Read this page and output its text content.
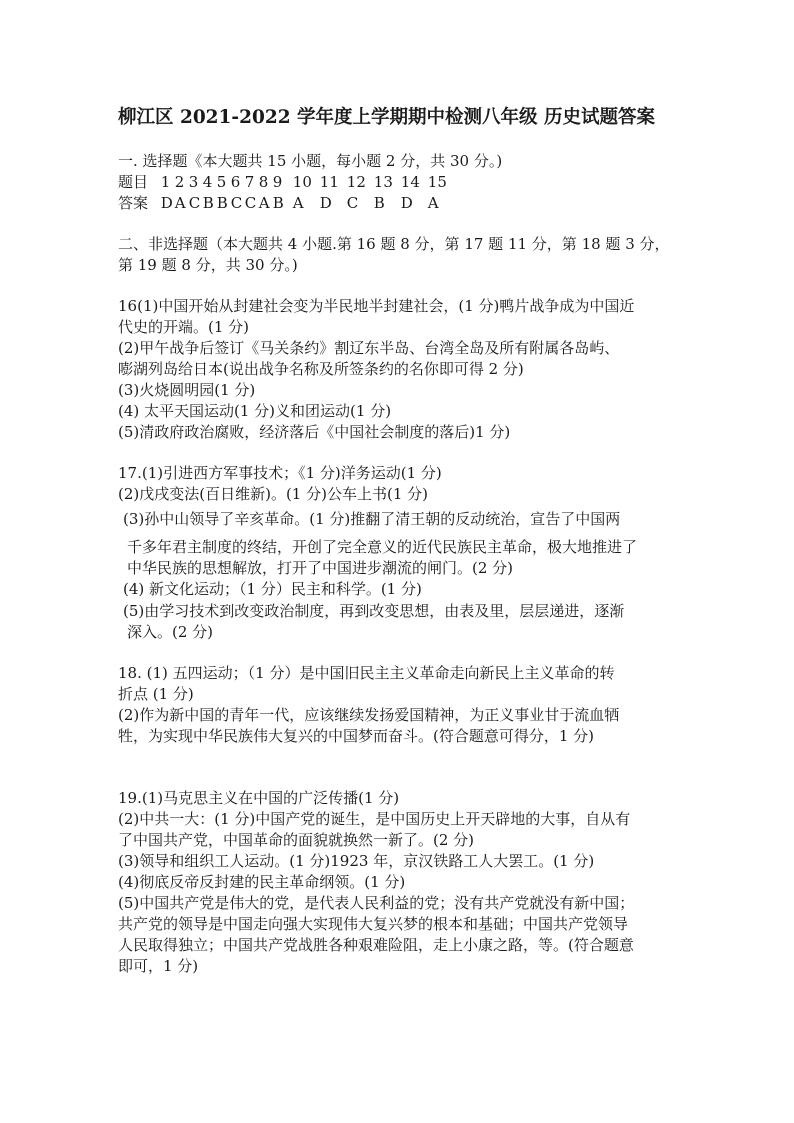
柳江区 2021-2022 学年度上学期期中检测八年级 历史试题答案
一. 选择题《本大题共 15 小题，每小题 2 分，共 30 分。)
题目 1 2 3 4 5 6 7 8 9 10 11 12 13 14 15
答案 D A C B B C C A B A D C B D A
二、非选择题（本大题共 4 小题.第 16 题 8 分，第 17 题 11 分，第 18 题 3 分，
第 19 题 8 分，共 30 分。)
16(1)中国开始从封建社会变为半民地半封建社会，(1 分)鸭片战争成为中国近
代史的开端。(1 分)
(2)甲午战争后签订《马关条约》割辽东半岛、台湾全岛及所有附属各岛屿、
嘭湖列岛给日本(说出战争名称及所签条约的名你即可得 2 分)
(3)火烧圆明园(1 分)
(4) 太平天国运动(1 分)义和团运动(1 分)
(5)清政府政治腐败，经济落后《中国社会制度的落后)1 分)
17.(1)引进西方军事技术；《1 分)洋务运动(1 分)
(2)戊戌变法(百日维新)。(1 分)公车上书(1 分)
(3)孙中山领导了辛亥革命。(1 分)推翻了清王朝的反动统治，宣告了中国两
千多年君主制度的终结，开创了完全意义的近代民族民主革命，极大地推进了
中华民族的思想解放，打开了中国进步潮流的闸门。(2 分)
(4) 新文化运动；（1 分）民主和科学。(1 分)
(5)由学习技术到改变政治制度，再到改变思想，由表及里，层层递进，逐渐
深入。(2 分)
18. (1) 五四运动；（1 分）是中国旧民主主义革命走向新民上主义革命的转
折点 (1 分)
(2)作为新中国的青年一代，应该继续发扬爱国精神，为正义事业甘于流血牺
牲，为实现中华民族伟大复兴的中国梦而奋斗。(符合题意可得分，1 分)
19.(1)马克思主义在中国的广泛传播(1 分)
(2)中共一大：(1 分)中国产党的诞生，是中国历史上开天辟地的大事，自从有
了中国共产党，中国革命的面貌就换然一新了。(2 分)
(3)领导和组织工人运动。(1 分)1923 年，京汉铁路工人大罢工。(1 分)
(4)彻底反帝反封建的民主革命纲领。(1 分)
(5)中国共产党是伟大的党，是代表人民利益的党；没有共产党就没有新中国；
共产党的领导是中国走向强大实现伟大复兴梦的根本和基础；中国共产党领导
人民取得独立；中国共产党战胜各种艰难险阻，走上小康之路，等。(符合题意
即可，1 分)
